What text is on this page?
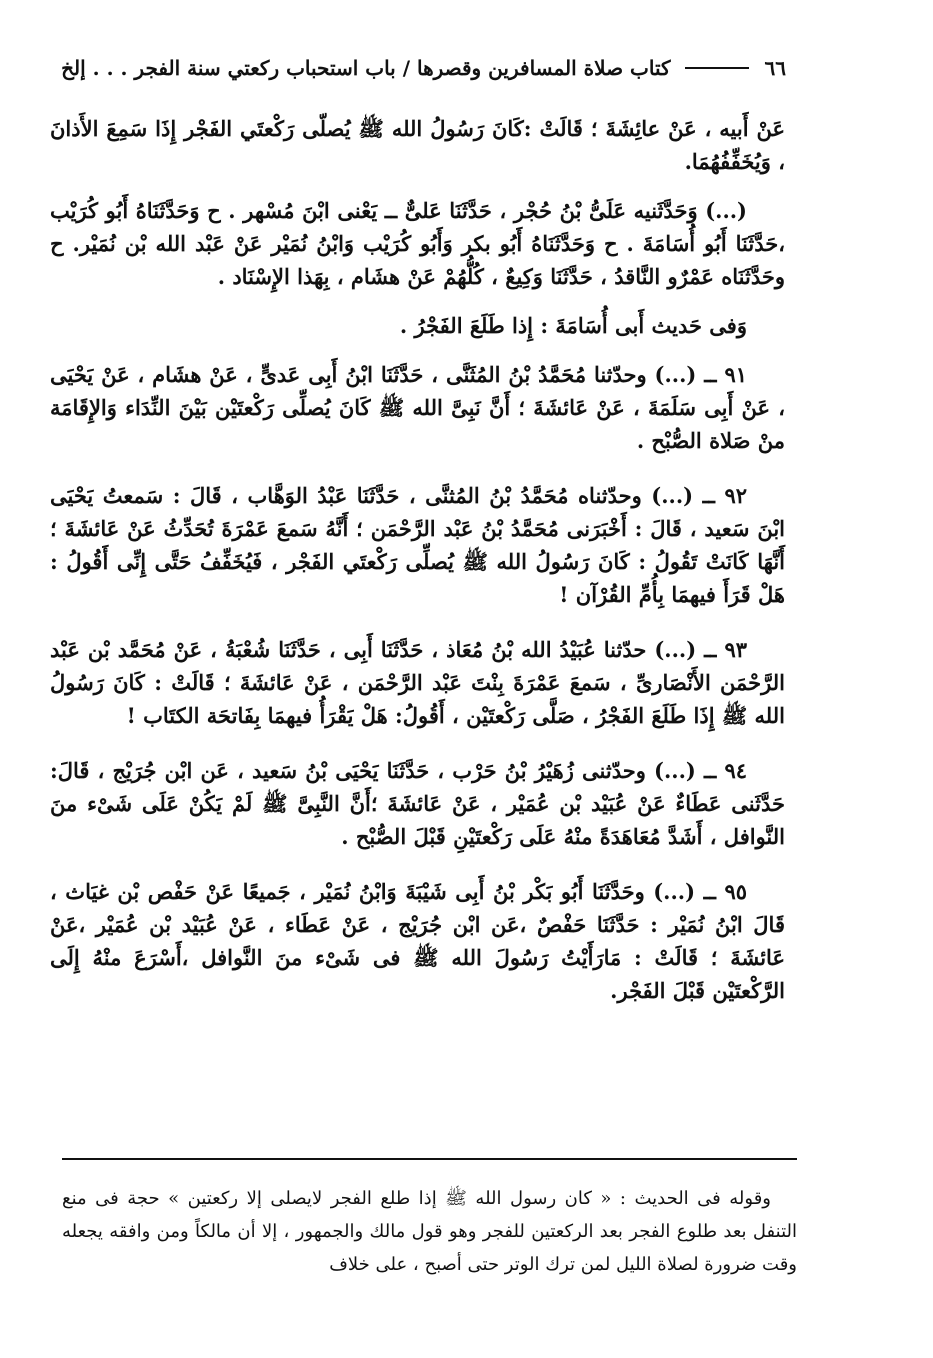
٦٦
كتاب صلاة المسافرين وقصرها / باب استحباب ركعتي سنة الفجر . . . إلخ

عَنْ أَبيه ، عَنْ عائِشَةَ ؛ قَالَتْ :كَانَ رَسُولُ الله ﷺ يُصلّى رَكْعتَي الفَجْر إِذَا سَمِعَ الأَذانَ ، وَيُخَفِّفُهُمَا.

(...) وَحَدَّثَنيه عَلَىُّ بْنُ حُجْر ، حَدَّثَنَا عَلىٌّ ــ يَعْنى ابْنَ مُسْهر . ح وَحَدَّثَنَاهُ أَبُو كُرَيْب ،حَدَّثَنَا أَبُو أُسَامَةَ . ح وَحَدَّثَنَاهُ أَبُو بكر وَأَبُو كُرَيْب وَابْنُ نُمَيْر عَنْ عَبْد الله بْن نُمَيْر. ح وحَدَّثَنَاه عَمْرٌو النَّاقدُ ، حَدَّثَنَا وَكِيعٌ ، كُلُّهُمْ عَنْ هشَام ، بِهَذا الإِسْنَاد .

وَفى حَديث أَبى أُسَامَةَ : إِذا طَلَعَ الفَجْرُ .

٩١ ــ (...) وحدّثنا مُحَمَّدُ بْنُ المُثَنَّى ، حَدَّثَنَا ابْنُ أَبِى عَدىٍّ ، عَنْ هشَام ، عَنْ يَحْيَى ، عَنْ أَبِى سَلَمَةَ ، عَنْ عَائشَةَ ؛ أَنَّ نَبِىَّ الله ﷺ كَانَ يُصلِّى رَكْعتَيْن بَيْنَ النِّدَاء وَالإِقَامَة منْ صَلاة الصُّبْح .

٩٢ ــ (...) وحدّثناه مُحَمَّدُ بْنُ المُثنَّى ، حَدَّثَنَا عَبْدُ الوَهَّاب ، قَالَ : سَمعتُ يَحْيَى ابْنَ سَعيد ، قَالَ : أَخْبَرَنى مُحَمَّدُ بْنُ عَبْد الرَّحْمَن ؛ أَنَّهُ سَمعَ عَمْرَةَ تُحَدِّثُ عَنْ عَائشَةَ ؛ أَنَّهَا كَانَتْ تَقُولُ : كَانَ رَسُولُ الله ﷺ يُصلِّى رَكْعتَي الفَجْر ، فَيُخَفِّفُ حَتَّى إِنِّى أَقُولُ : هَلْ قَرَأَ فيهمَا بِأُمِّ القُرْآن !

٩٣ ــ (...) حدّثنا عُبَيْدُ الله بْنُ مُعَاذ ، حَدَّثَنَا أَبِى ، حَدَّثَنَا شُعْبَةُ ، عَنْ مُحَمَّد بْن عَبْد الرَّحْمَن الأَنْصَارىِّ ، سَمعَ عَمْرَةَ بِنْتَ عَبْد الرَّحْمَن ، عَنْ عَائشَةَ ؛ قَالَتْ : كَانَ رَسُولُ الله ﷺ إِذَا طَلَعَ الفَجْرُ ، صَلَّى رَكْعتَيْن ، أَقُولُ: هَلْ يَقْرَأُ فيهمَا بِفَاتحَة الكتَاب !

٩٤ ــ (...) وحدّثنى زُهَيْرُ بْنُ حَرْب ، حَدَّثَنَا يَحْيَى بْنُ سَعيد ، عَن ابْن جُرَيْج ، قَالَ: حَدَّثَنى عَطَاءٌ عَنْ عُبَيْد بْن عُمَيْر ، عَنْ عَائشَةَ ؛أَنَّ النَّبِىَّ ﷺ لَمْ يَكُنْ عَلَى شَىْء منَ النَّوافل ، أَشَدَّ مُعَاهَدَةً منْهُ عَلَى رَكْعتَيْنِ قَبْلَ الصُّبْح .

٩٥ ــ (...) وحَدَّثَنَا أَبُو بَكْر بْنُ أَبِى شَيْبَةَ وَابْنُ نُمَيْر ، جَميعًا عَنْ حَفْص بْن غيَاث ، قَالَ ابْنُ نُمَيْر : حَدَّثَنَا حَفْصٌ ،عَن ابْن جُرَيْج ، عَنْ عَطَاء ، عَنْ عُبَيْد بْن عُمَيْر ،عَنْ عَائشَةَ ؛ قَالَتْ : مَارَأَيْتُ رَسُولَ الله ﷺ فى شَىْء منَ النَّوافل ،أَسْرَعَ منْهُ إِلَى الرَّكْعتَيْن قَبْلَ الفَجْر.

وقوله فى الحديث : « كان رسول الله ﷺ إذا طلع الفجر لايصلى إلا ركعتين » حجة فى منع التنفل بعد طلوع الفجر بعد الركعتين للفجر وهو قول مالك والجمهور ، إلا أن مالكاً ومن وافقه يجعله وقت ضرورة لصلاة الليل لمن ترك الوتر حتى أصبح ، على خلاف
